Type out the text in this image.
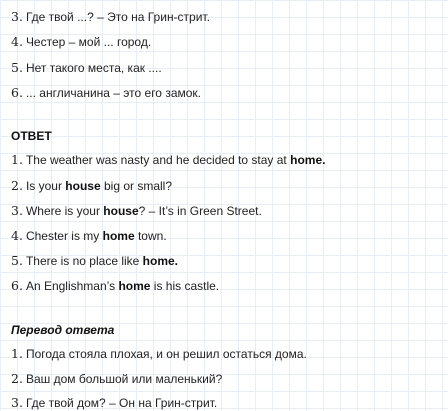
3. Где твой ...? – Это на Грин-стрит.
4. Честер – мой ... город.
5. Нет такого места, как ....
6. ... англичанина – это его замок.
ОТВЕТ
1. The weather was nasty and he decided to stay at home.
2. Is your house big or small?
3. Where is your house? – It’s in Green Street.
4. Chester is my home town.
5. There is no place like home.
6. An Englishman’s home is his castle.
Перевод ответа
1. Погода стояла плохая, и он решил остаться дома.
2. Ваш дом большой или маленький?
3. Где твой дом? – Он на Грин-стрит.
